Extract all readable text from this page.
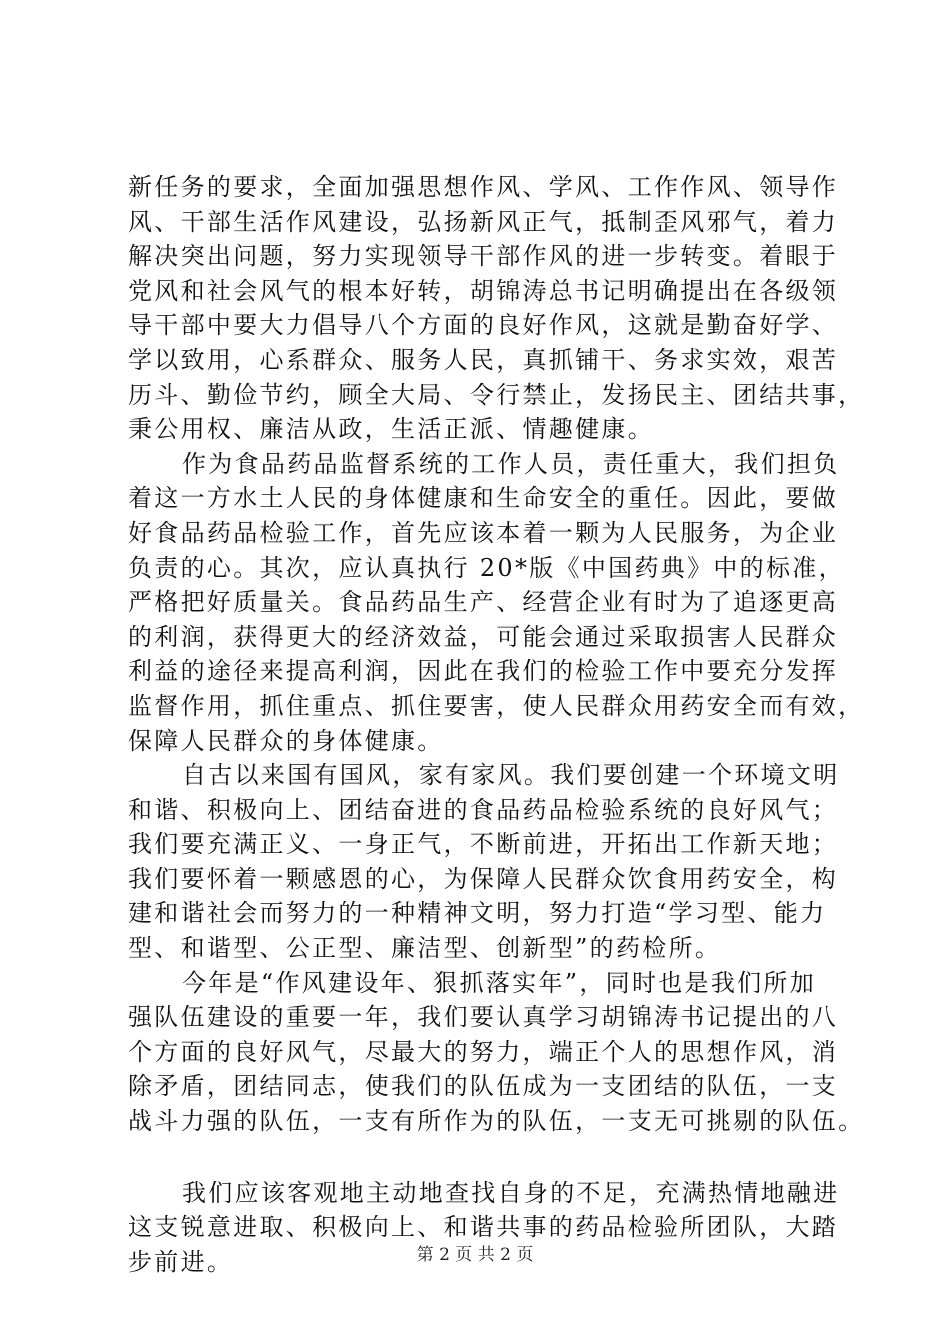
新任务的要求，全面加强思想作风、学风、工作作风、领导作
风、干部生活作风建设，弘扬新风正气，抵制歪风邪气，着力
解决突出问题，努力实现领导干部作风的进一步转变。着眼于
党风和社会风气的根本好转，胡锦涛总书记明确提出在各级领
导干部中要大力倡导八个方面的良好作风，这就是勤奋好学、
学以致用，心系群众、服务人民，真抓铺干、务求实效，艰苦
历斗、勤俭节约，顾全大局、令行禁止，发扬民主、团结共事，
秉公用权、廉洁从政，生活正派、情趣健康。
作为食品药品监督系统的工作人员，责任重大，我们担负
着这一方水土人民的身体健康和生命安全的重任。因此，要做
好食品药品检验工作，首先应该本着一颗为人民服务，为企业
负责的心。其次，应认真执行 20*版《中国药典》中的标准，
严格把好质量关。食品药品生产、经营企业有时为了追逐更高
的利润，获得更大的经济效益，可能会通过采取损害人民群众
利益的途径来提高利润，因此在我们的检验工作中要充分发挥
监督作用，抓住重点、抓住要害，使人民群众用药安全而有效，
保障人民群众的身体健康。
自古以来国有国风，家有家风。我们要创建一个环境文明
和谐、积极向上、团结奋进的食品药品检验系统的良好风气；
我们要充满正义、一身正气，不断前进，开拓出工作新天地；
我们要怀着一颗感恩的心，为保障人民群众饮食用药安全，构
建和谐社会而努力的一种精神文明，努力打造“学习型、能力
型、和谐型、公正型、廉洁型、创新型”的药检所。
今年是“作风建设年、狠抓落实年”，同时也是我们所加
强队伍建设的重要一年，我们要认真学习胡锦涛书记提出的八
个方面的良好风气，尽最大的努力，端正个人的思想作风，消
除矛盾，团结同志，使我们的队伍成为一支团结的队伍，一支
战斗力强的队伍，一支有所作为的队伍，一支无可挑剔的队伍。
我们应该客观地主动地查找自身的不足，充满热情地融进
这支锐意进取、积极向上、和谐共事的药品检验所团队，大踏
步前进。	第 2 页 共 2 页
